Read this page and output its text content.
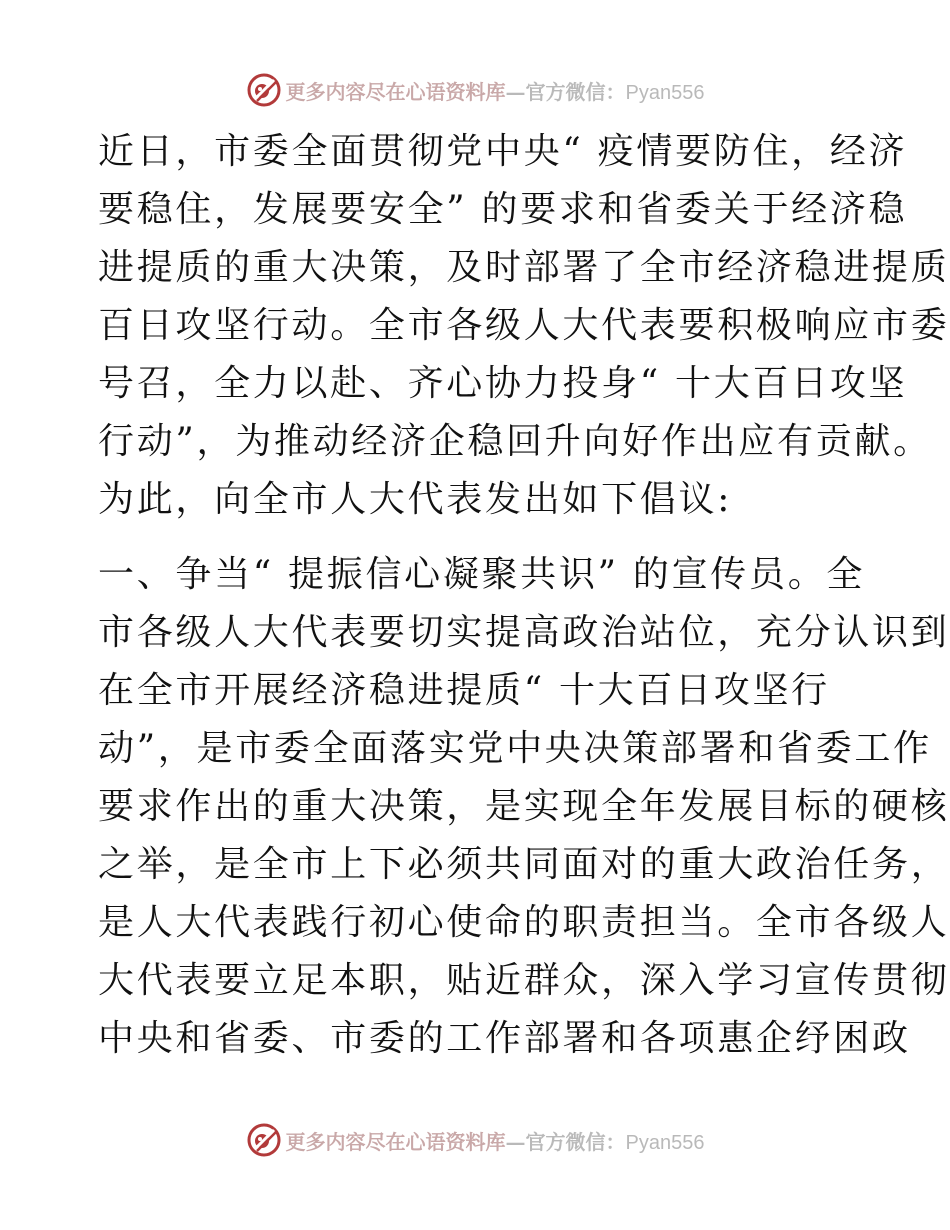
更多内容尽在心语资料库—官方微信：Pyan556
近日，市委全面贯彻党中央“ 疫情要防住，经济
要稳住，发展要安全” 的要求和省委关于经济稳
进提质的重大决策，及时部署了全市经济稳进提质
百日攻坚行动。全市各级人大代表要积极响应市委
号召，全力以赴、齐心协力投身“ 十大百日攻坚
行动”，为推动经济企稳回升向好作出应有贡献。
为此，向全市人大代表发出如下倡议:
一、争当“ 提振信心凝聚共识” 的宣传员。全
市各级人大代表要切实提高政治站位，充分认识到
在全市开展经济稳进提质“ 十大百日攻坚行
动”，是市委全面落实党中央决策部署和省委工作
要求作出的重大决策，是实现全年发展目标的硬核
之举，是全市上下必须共同面对的重大政治任务，
是人大代表践行初心使命的职责担当。全市各级人
大代表要立足本职，贴近群众，深入学习宣传贯彻
中央和省委、市委的工作部署和各项惠企纾困政
更多内容尽在心语资料库—官方微信：Pyan556
